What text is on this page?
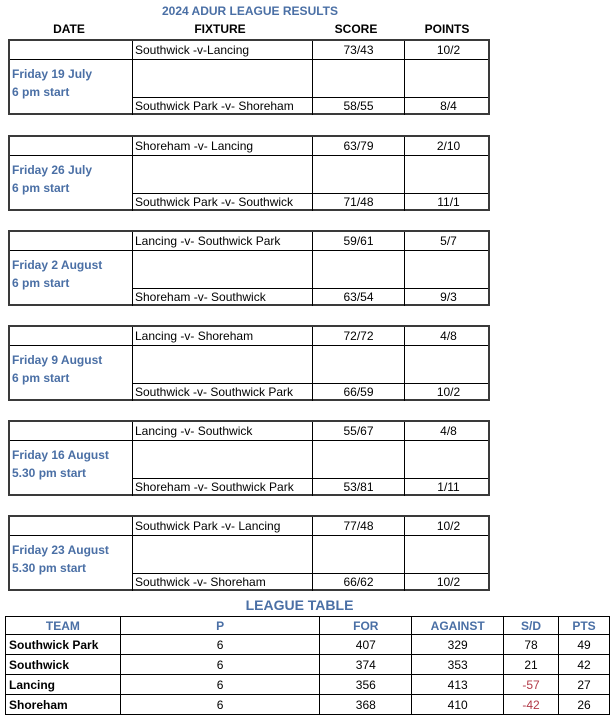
2024 ADUR LEAGUE RESULTS
DATE	FIXTURE	SCORE	POINTS
Friday 19 July
6 pm start
Southwick -v-Lancing	73/43	10/2
Southwick Park -v- Shoreham	58/55	8/4
Friday 26 July
6 pm start
Shoreham -v- Lancing	63/79	2/10
Southwick Park -v- Southwick	71/48	11/1
Friday 2 August
6 pm start
Lancing -v- Southwick Park	59/61	5/7
Shoreham -v- Southwick	63/54	9/3
Friday 9 August
6 pm start
Lancing -v- Shoreham	72/72	4/8
Southwick -v- Southwick Park	66/59	10/2
Friday 16 August
5.30 pm start
Lancing -v- Southwick	55/67	4/8
Shoreham -v- Southwick Park	53/81	1/11
Friday 23 August
5.30 pm start
Southwick Park -v- Lancing	77/48	10/2
Southwick -v- Shoreham	66/62	10/2
LEAGUE TABLE
TEAM	P	FOR	AGAINST	S/D	PTS
Southwick Park	6	407	329	78	49
Southwick	6	374	353	21	42
Lancing	6	356	413	-57	27
Shoreham	6	368	410	-42	26
